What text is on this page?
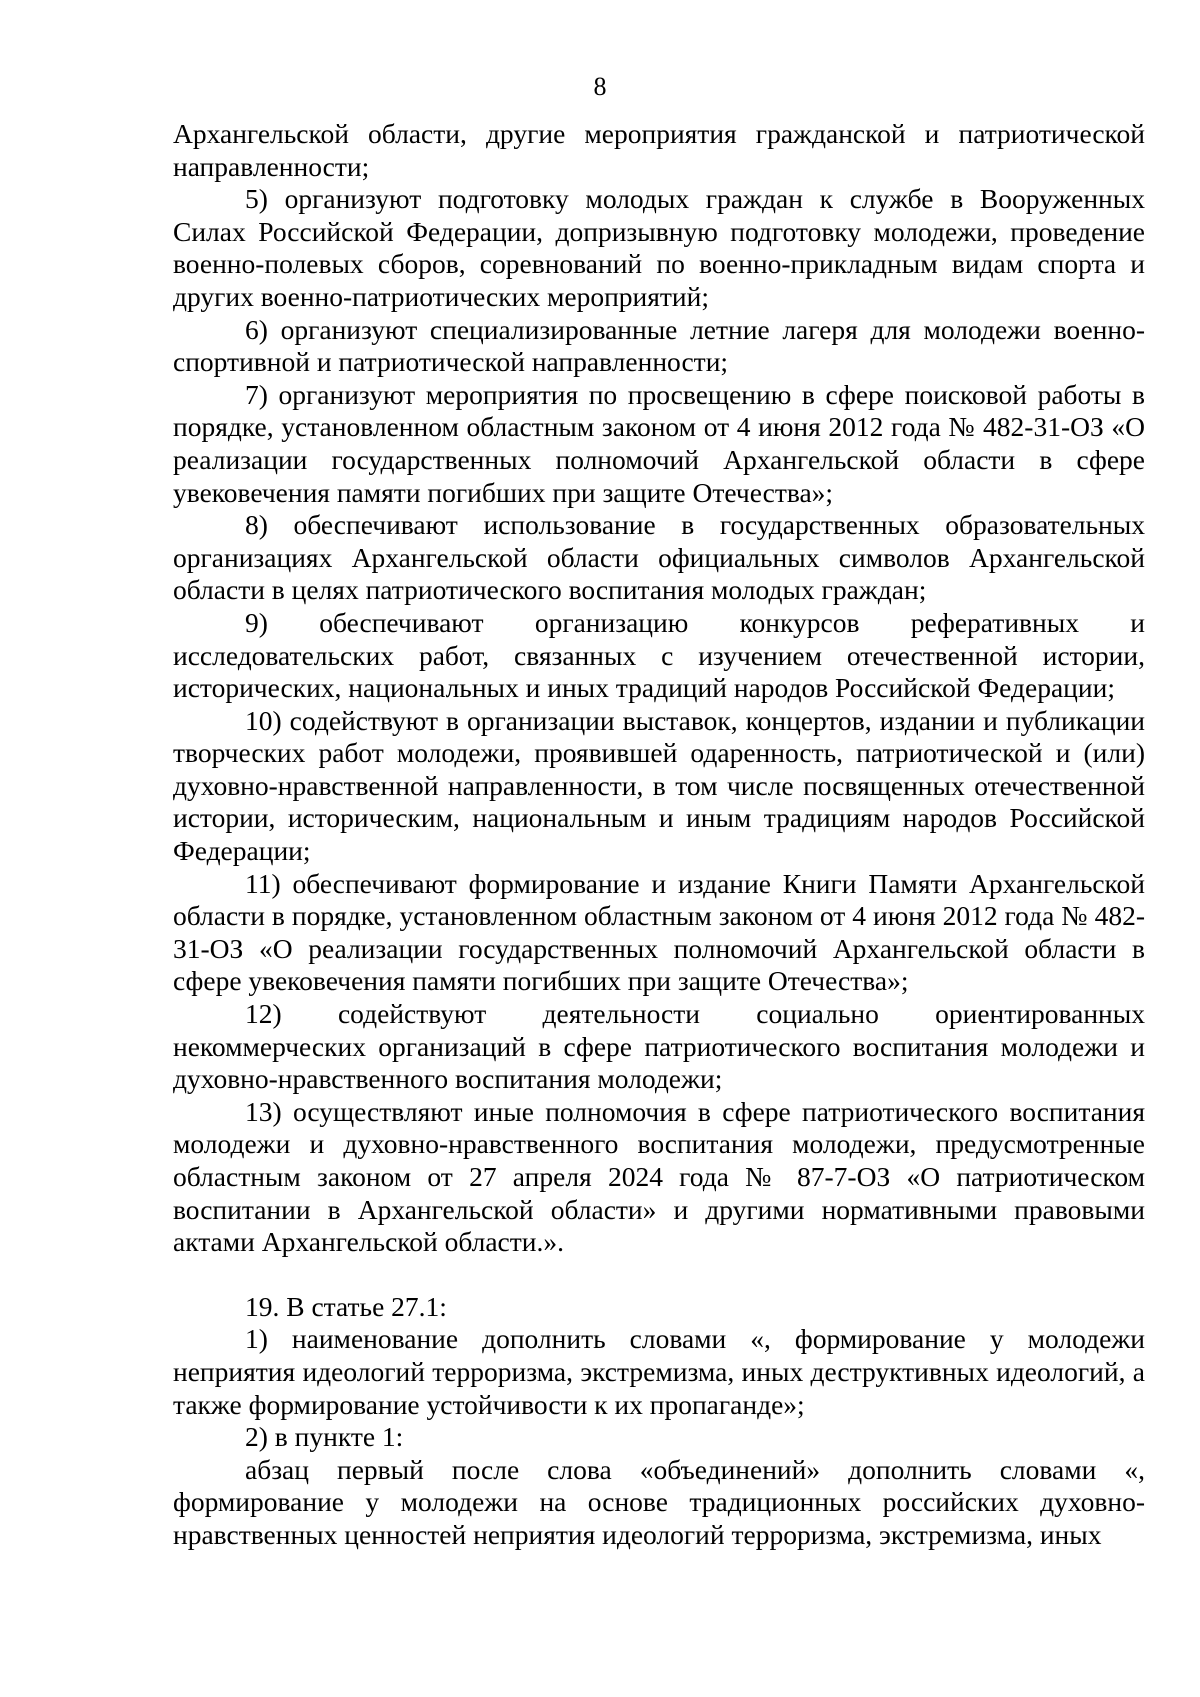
8

Архангельской области, другие мероприятия гражданской и патриотической направленности;

5) организуют подготовку молодых граждан к службе в Вооруженных Силах Российской Федерации, допризывную подготовку молодежи, проведение военно-полевых сборов, соревнований по военно-прикладным видам спорта и других военно-патриотических мероприятий;

6) организуют специализированные летние лагеря для молодежи военно-спортивной и патриотической направленности;

7) организуют мероприятия по просвещению в сфере поисковой работы в порядке, установленном областным законом от 4 июня 2012 года № 482-31-ОЗ «О реализации государственных полномочий Архангельской области в сфере увековечения памяти погибших при защите Отечества»;

8) обеспечивают использование в государственных образовательных организациях Архангельской области официальных символов Архангельской области в целях патриотического воспитания молодых граждан;

9) обеспечивают организацию конкурсов реферативных и исследовательских работ, связанных с изучением отечественной истории, исторических, национальных и иных традиций народов Российской Федерации;

10) содействуют в организации выставок, концертов, издании и публикации творческих работ молодежи, проявившей одаренность, патриотической и (или) духовно-нравственной направленности, в том числе посвященных отечественной истории, историческим, национальным и иным традициям народов Российской Федерации;

11) обеспечивают формирование и издание Книги Памяти Архангельской области в порядке, установленном областным законом от 4 июня 2012 года № 482-31-ОЗ «О реализации государственных полномочий Архангельской области в сфере увековечения памяти погибших при защите Отечества»;

12) содействуют деятельности социально ориентированных некоммерческих организаций в сфере патриотического воспитания молодежи и духовно-нравственного воспитания молодежи;

13) осуществляют иные полномочия в сфере патриотического воспитания молодежи и духовно-нравственного воспитания молодежи, предусмотренные областным законом от 27 апреля 2024 года № 87-7-ОЗ «О патриотическом воспитании в Архангельской области» и другими нормативными правовыми актами Архангельской области.».

19. В статье 27.1:

1) наименование дополнить словами «, формирование у молодежи неприятия идеологий терроризма, экстремизма, иных деструктивных идеологий, а также формирование устойчивости к их пропаганде»;

2) в пункте 1:

абзац первый после слова «объединений» дополнить словами «, формирование у молодежи на основе традиционных российских духовно-нравственных ценностей неприятия идеологий терроризма, экстремизма, иных
